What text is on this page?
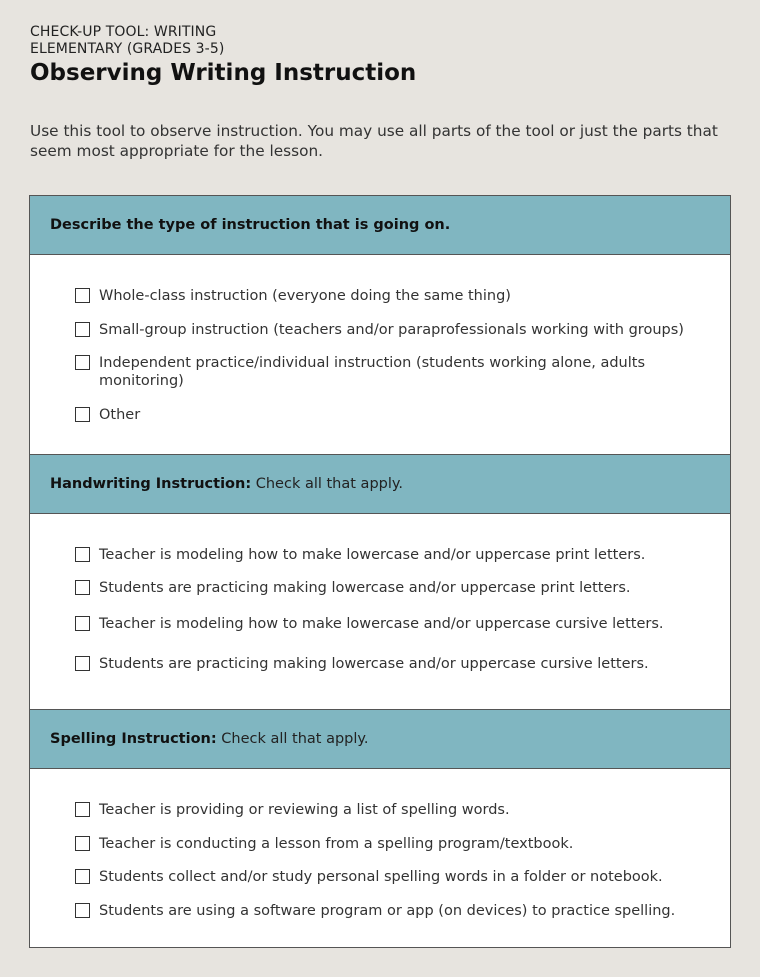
CHECK-UP TOOL: WRITING
ELEMENTARY (GRADES 3-5)
Observing Writing Instruction
Use this tool to observe instruction. You may use all parts of the tool or just the parts that seem most appropriate for the lesson.
Describe the type of instruction that is going on.
Whole-class instruction (everyone doing the same thing)
Small-group instruction (teachers and/or paraprofessionals working with groups)
Independent practice/individual instruction (students working alone, adults monitoring)
Other
Handwriting Instruction: Check all that apply.
Teacher is modeling how to make lowercase and/or uppercase print letters.
Students are practicing making lowercase and/or uppercase print letters.
Teacher is modeling how to make lowercase and/or uppercase cursive letters.
Students are practicing making lowercase and/or uppercase cursive letters.
Spelling Instruction: Check all that apply.
Teacher is providing or reviewing a list of spelling words.
Teacher is conducting a lesson from a spelling program/textbook.
Students collect and/or study personal spelling words in a folder or notebook.
Students are using a software program or app (on devices) to practice spelling.
